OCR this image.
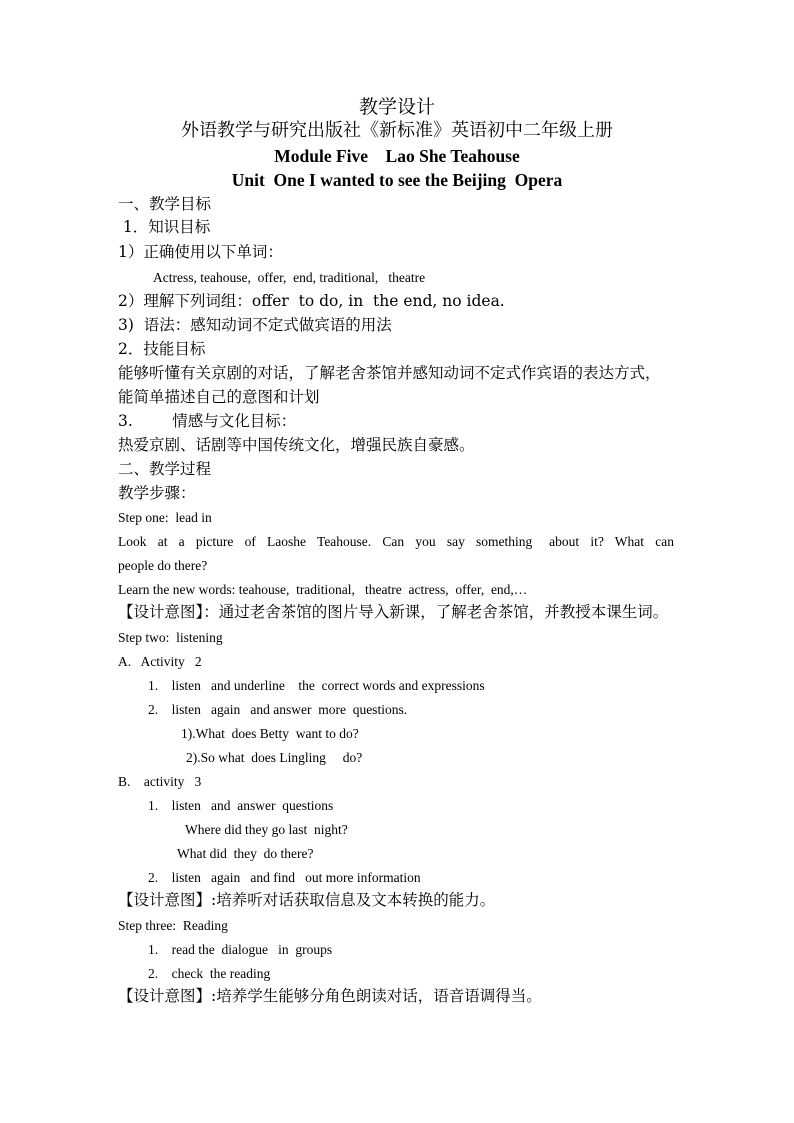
教学设计
外语教学与研究出版社《新标准》英语初中二年级上册
Module Five    Lao She Teahouse
Unit  One I wanted to see the Beijing  Opera
一、教学目标
1．知识目标
1）正确使用以下单词：
Actress, teahouse,  offer,  end, traditional,   theatre
2）理解下列词组：offer  to do, in  the end, no idea.
3)  语法：感知动词不定式做宾语的用法
2．技能目标
能够听懂有关京剧的对话，了解老舍茶馆并感知动词不定式作宾语的表达方式，
能简单描述自己的意图和计划
3.        情感与文化目标：
热爱京剧、话剧等中国传统文化，增强民族自豪感。
二、教学过程
教学步骤：
Step one:  lead in
Look  at  a  picture  of  Laoshe  Teahouse.  Can  you  say  something   about  it?  What  can
people do there?
Learn the new words: teahouse,  traditional,   theatre  actress,  offer,  end,…
【设计意图】：通过老舍茶馆的图片导入新课，了解老舍茶馆，并教授本课生词。
Step two:  listening
A.   Activity   2
1.    listen   and underline    the  correct words and expressions
2.    listen   again   and answer  more  questions.
1).What  does Betty  want to do?
2).So what  does Lingling     do?
B.    activity   3
1.    listen   and  answer  questions
Where did they go last  night?
What did  they  do there?
2.    listen   again   and find   out more information
【设计意图】:培养听对话获取信息及文本转换的能力。
Step three:  Reading
1.    read the  dialogue   in  groups
2.    check  the reading
【设计意图】:培养学生能够分角色朗读对话，语音语调得当。
